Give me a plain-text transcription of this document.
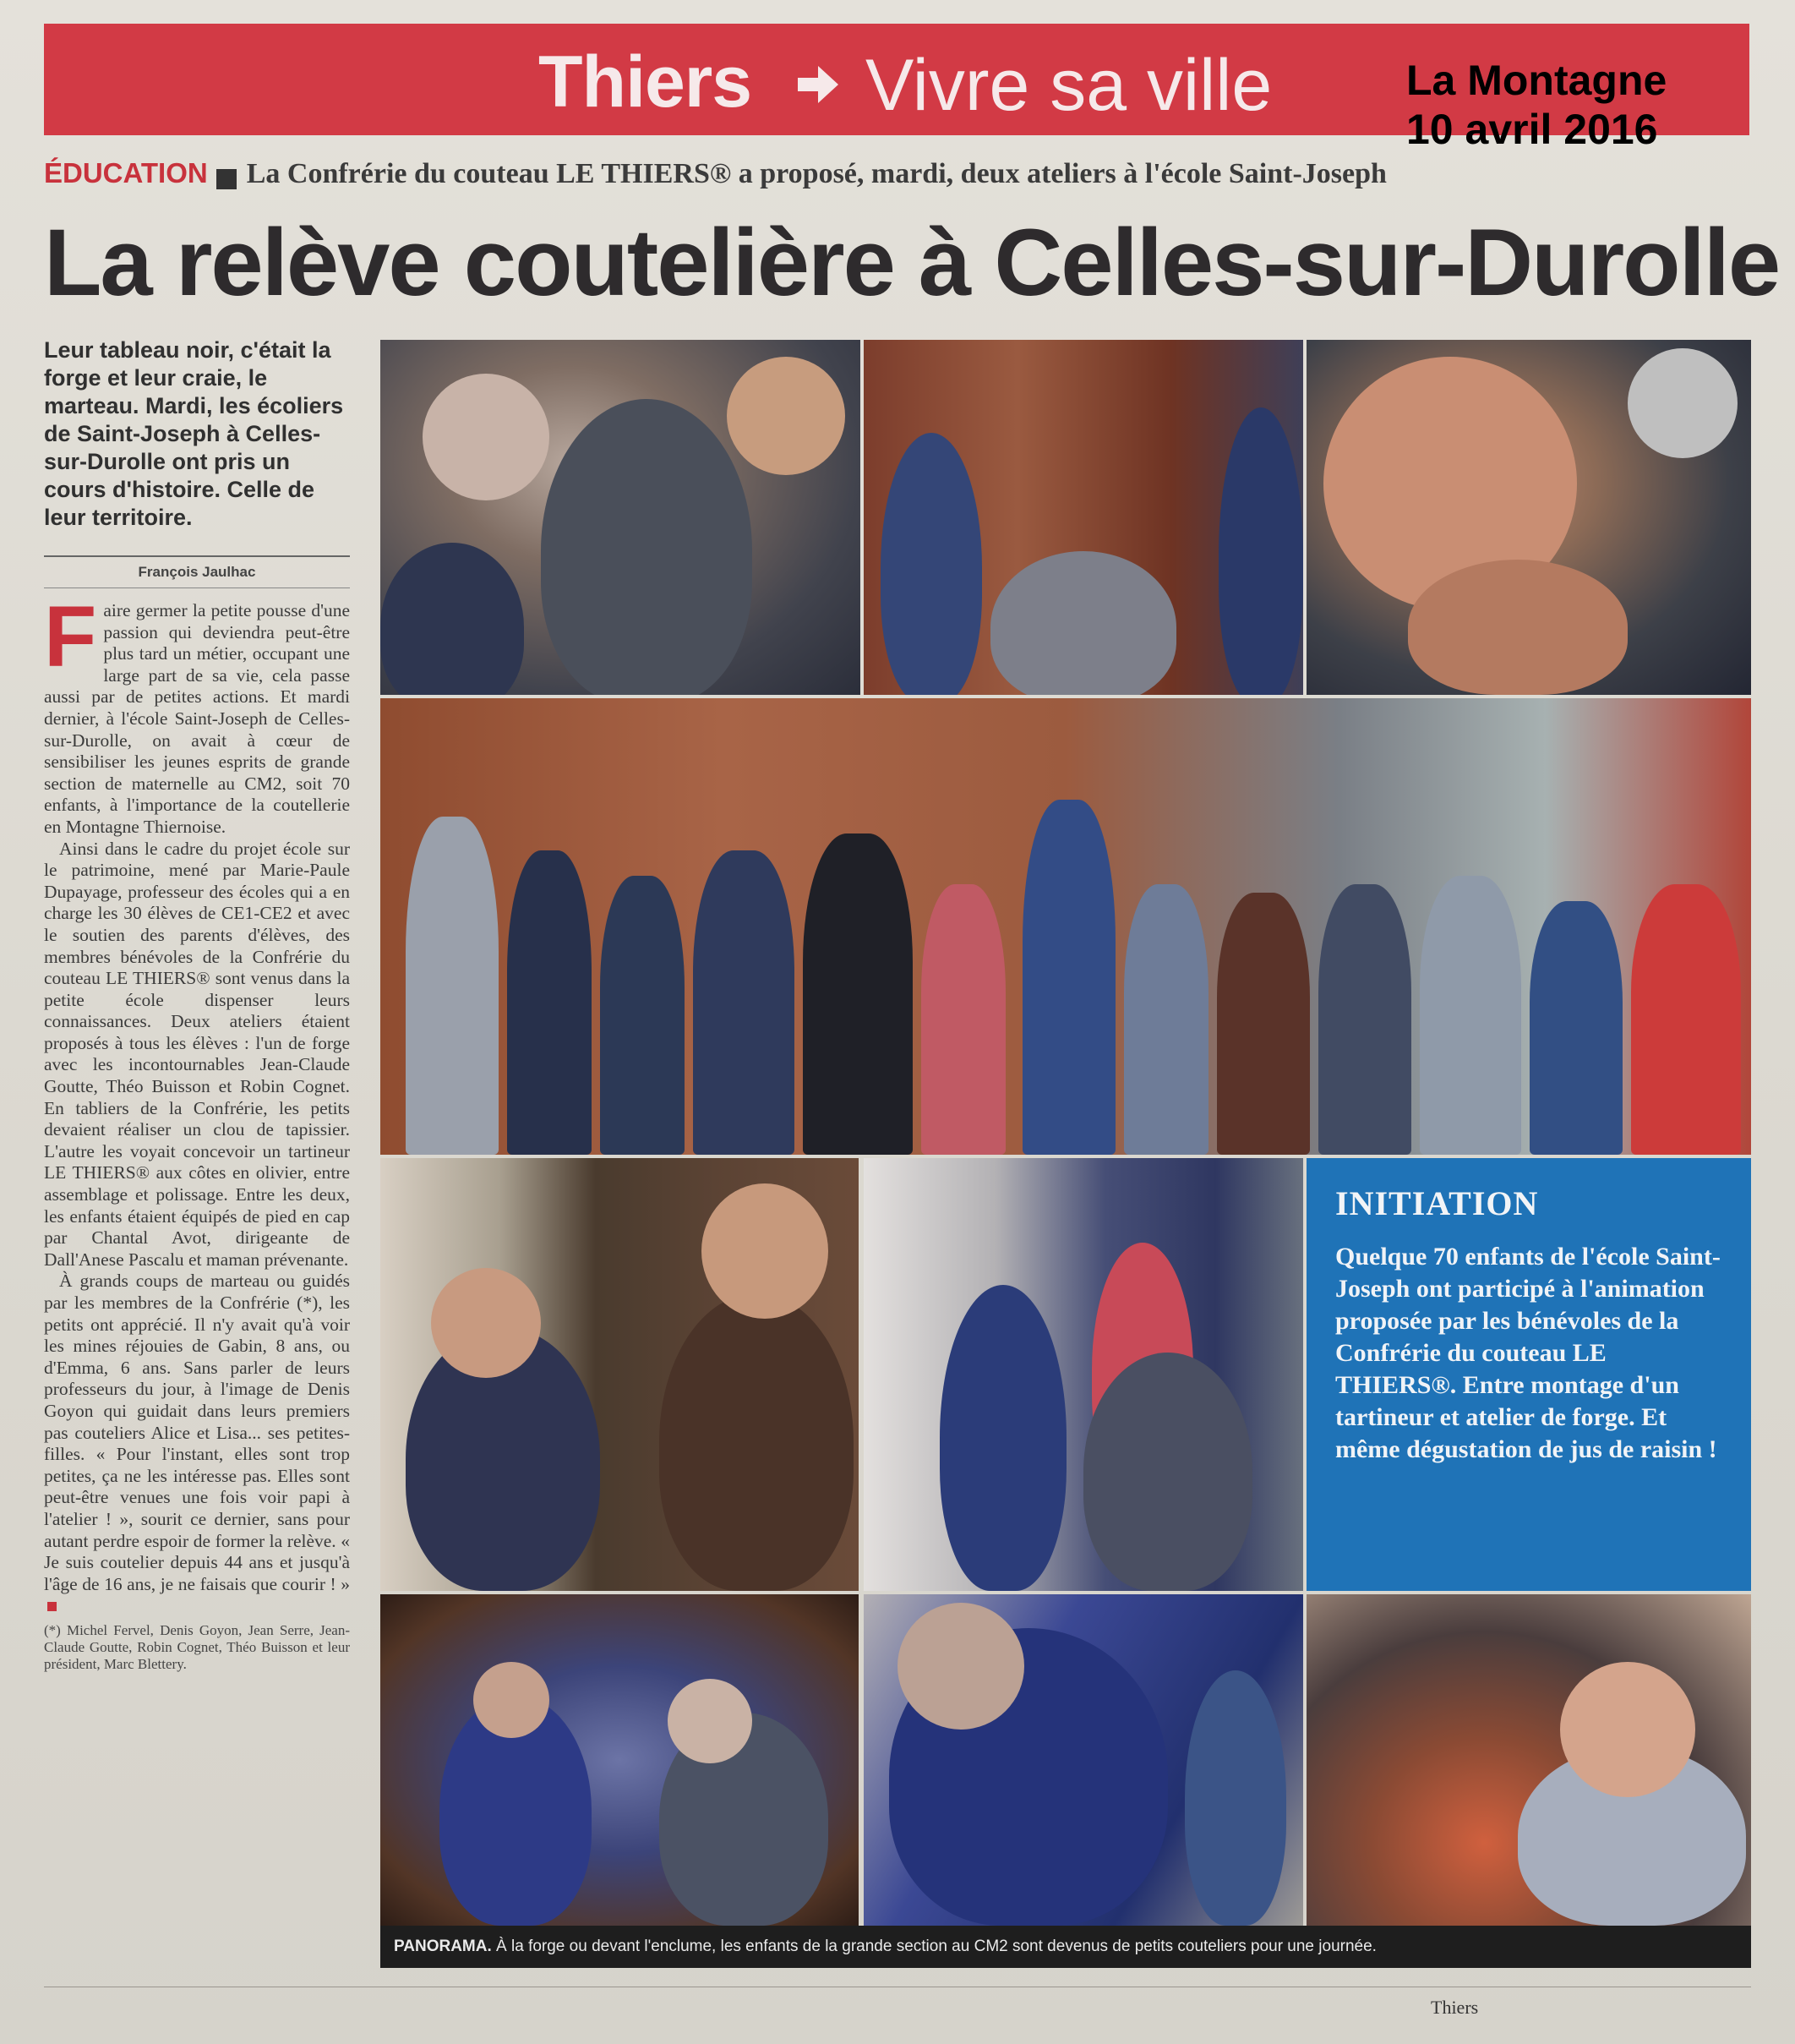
Thiers Vivre sa ville	La Montagne
10 avril 2016
ÉDUCATION La Confrérie du couteau LE THIERS® a proposé, mardi, deux ateliers à l'école Saint-Joseph
La relève coutelière à Celles-sur-Durolle

Leur tableau noir, c'était la forge et leur craie, le marteau. Mardi, les écoliers de Saint-Joseph à Celles-sur-Durolle ont pris un cours d'histoire. Celle de leur territoire.

François Jaulhac

Faire germer la petite pousse d'une passion qui deviendra peut-être plus tard un métier, occupant une large part de sa vie, cela passe aussi par de petites actions. Et mardi dernier, à l'école Saint-Joseph de Celles-sur-Durolle, on avait à cœur de sensibiliser les jeunes esprits de grande section de maternelle au CM2, soit 70 enfants, à l'importance de la coutellerie en Montagne Thiernoise.

Ainsi dans le cadre du projet école sur le patrimoine, mené par Marie-Paule Dupayage, professeur des écoles qui a en charge les 30 élèves de CE1-CE2 et avec le soutien des parents d'élèves, des membres bénévoles de la Confrérie du couteau LE THIERS® sont venus dans la petite école dispenser leurs connaissances. Deux ateliers étaient proposés à tous les élèves : l'un de forge avec les incontournables Jean-Claude Goutte, Théo Buisson et Robin Cognet. En tabliers de la Confrérie, les petits devaient réaliser un clou de tapissier. L'autre les voyait concevoir un tartineur LE THIERS® aux côtes en olivier, entre assemblage et polissage. Entre les deux, les enfants étaient équipés de pied en cap par Chantal Avot, dirigeante de Dall'Anese Pascalu et maman prévenante.

À grands coups de marteau ou guidés par les membres de la Confrérie (*), les petits ont apprécié. Il n'y avait qu'à voir les mines réjouies de Gabin, 8 ans, ou d'Emma, 6 ans. Sans parler de leurs professeurs du jour, à l'image de Denis Goyon qui guidait dans leurs premiers pas couteliers Alice et Lisa... ses petites-filles. « Pour l'instant, elles sont trop petites, ça ne les intéresse pas. Elles sont peut-être venues une fois voir papi à l'atelier ! », sourit ce dernier, sans pour autant perdre espoir de former la relève. « Je suis coutelier depuis 44 ans et jusqu'à l'âge de 16 ans, je ne faisais que courir ! »

(*) Michel Fervel, Denis Goyon, Jean Serre, Jean-Claude Goutte, Robin Cognet, Théo Buisson et leur président, Marc Blettery.

INITIATION

Quelque 70 enfants de l'école Saint-Joseph ont participé à l'animation proposée par les bénévoles de la Confrérie du couteau LE THIERS®. Entre montage d'un tartineur et atelier de forge. Et même dégustation de jus de raisin !

PANORAMA. À la forge ou devant l'enclume, les enfants de la grande section au CM2 sont devenus de petits couteliers pour une journée.
Thiers
